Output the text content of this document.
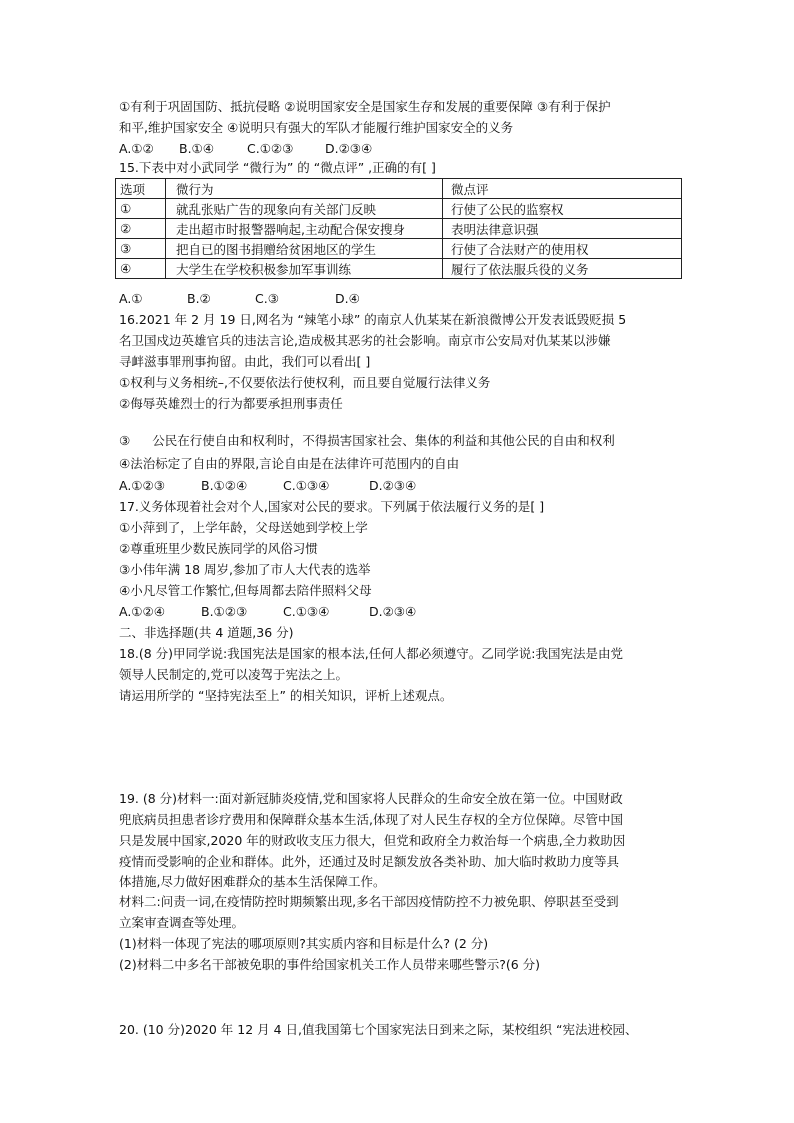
①有利于巩固国防、抵抗侵略 ②说明国家安全是国家生存和发展的重要保障 ③有利于保护
和平,维护国家安全 ④说明只有强大的军队才能履行维护国家安全的义务
A.①② B.①④	C.①②③	D.②③④
15.下表中对小武同学 “微行为” 的 “微点评” ,正确的有[ ]
选项	微行为	微点评
①	就乱张贴广告的现象向有关部门反映	行使了公民的监察权
②	走出超市时报警器响起,主动配合保安搜身	表明法律意识强
③	把自已的图书捐赠给贫困地区的学生	行使了合法财产的使用权
④	大学生在学校积极参加军事训练	履行了依法服兵役的义务
A.①	B.②	C.③	D.④
16.2021 年 2 月 19 日,网名为 “辣笔小球” 的南京人仇某某在新浪微博公开发表诋毁贬损 5
名卫国戍边英雄官兵的违法言论,造成极其恶劣的社会影响。南京市公安局对仇某某以涉嫌
寻衅滋事罪刑事拘留。由此，我们可以看出[ ]
①权利与义务相统–,不仅要依法行使权利，而且要自觉履行法律义务
②侮辱英雄烈士的行为都要承担刑事责任
③ 公民在行使自由和权利时，不得损害国家社会、集体的利益和其他公民的自由和权利
④法治标定了自由的界限,言论自由是在法律许可范围内的自由
A.①②③	B.①②④	C.①③④	D.②③④
17.义务体现着社会对个人,国家对公民的要求。下列属于依法履行义务的是[ ]
①小萍到了，上学年龄，父母送她到学校上学
②尊重班里少数民族同学的风俗习惯
③小伟年满 18 周岁,参加了市人大代表的选举
④小凡尽管工作繁忙,但每周都去陪伴照料父母
A.①②④	B.①②③	C.①③④	D.②③④
二、非选择题(共 4 道题,36 分)
18.(8 分)甲同学说:我国宪法是国家的根本法,任何人都必须遵守。乙同学说:我国宪法是由党
领导人民制定的,党可以凌驾于宪法之上。
请运用所学的 “坚持宪法至上” 的相关知识，评析上述观点。
19. (8 分)材料一:面对新冠肺炎疫情,党和国家将人民群众的生命安全放在第一位。中国财政
兜底病员担患者诊疗费用和保障群众基本生活,体现了对人民生存权的全方位保障。尽管中国
只是发展中国家,2020 年的财政收支压力很大，但党和政府全力救治每一个病患,全力救助因
疫情而受影响的企业和群体。此外，还通过及时足额发放各类补助、加大临时救助力度等具
体措施,尽力做好困难群众的基本生活保障工作。
材料二:问责一词,在疫情防控时期频繁出现,多名干部因疫情防控不力被免职、停职甚至受到
立案审查调查等处理。
(1)材料一体现了宪法的哪项原则?其实质内容和目标是什么? (2 分)
(2)材料二中多名干部被免职的事件给国家机关工作人员带来哪些警示?(6 分)
20. (10 分)2020 年 12 月 4 日,值我国第七个国家宪法日到来之际，某校组织 “宪法进校园、
